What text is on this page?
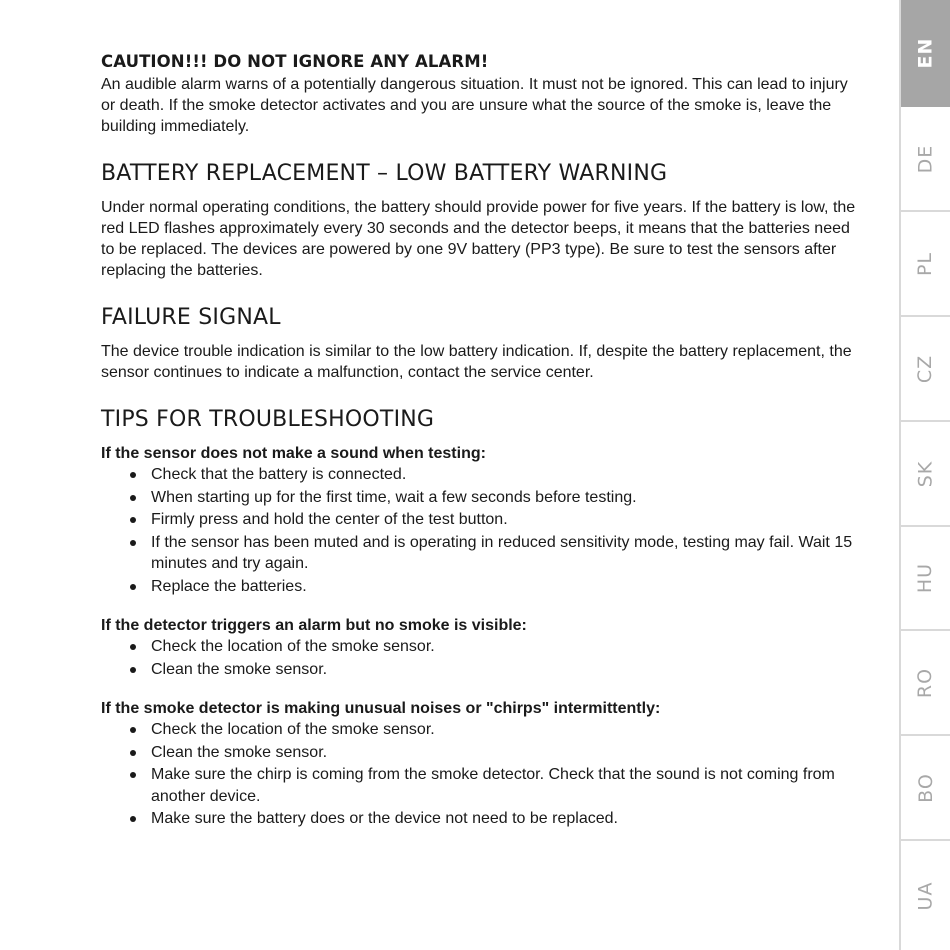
CAUTION!!! DO NOT IGNORE ANY ALARM!

An audible alarm warns of a potentially dangerous situation. It must not be ignored. This can lead to injury or death. If the smoke detector activates and you are unsure what the source of the smoke is, leave the building immediately.

BATTERY REPLACEMENT – LOW BATTERY WARNING

Under normal operating conditions, the battery should provide power for five years. If the battery is low, the red LED flashes approximately every 30 seconds and the detector beeps, it means that the batteries need to be replaced. The devices are powered by one 9V battery (PP3 type). Be sure to test the sensors after replacing the batteries.

FAILURE SIGNAL

The device trouble indication is similar to the low battery indication. If, despite the battery replacement, the sensor continues to indicate a malfunction, contact the service center.

TIPS FOR TROUBLESHOOTING

If the sensor does not make a sound when testing:

Check that the battery is connected.
When starting up for the first time, wait a few seconds before testing.
Firmly press and hold the center of the test button.
If the sensor has been muted and is operating in reduced sensitivity mode, testing may fail. Wait 15 minutes and try again.
Replace the batteries.

If the detector triggers an alarm but no smoke is visible:

Check the location of the smoke sensor.
Clean the smoke sensor.

If the smoke detector is making unusual noises or "chirps" intermittently:

Check the location of the smoke sensor.
Clean the smoke sensor.
Make sure the chirp is coming from the smoke detector. Check that the sound is not coming from another device.
Make sure the battery does or the device not need to be replaced.
EN
DE
PL
CZ
SK
HU
RO
BO
UA
